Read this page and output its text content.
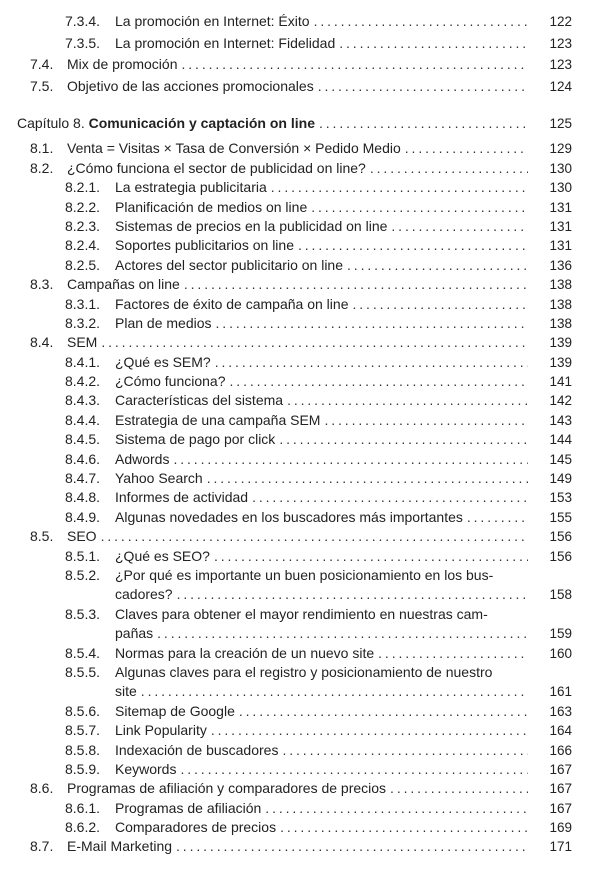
7.3.4.	La promoción en Internet: Éxito . . .	122
7.3.5.	La promoción en Internet: Fidelidad . . .	123
7.4. Mix de promoción . . .	123
7.5. Objetivo de las acciones promocionales . . .	124
Capítulo 8.
Comunicación y captación on line . . .	125
8.1. Venta = Visitas × Tasa de Conversión × Pedido Medio . . .	129
8.2. ¿Cómo funciona el sector de publicidad on line? . . .	130
8.2.1.	La estrategia publicitaria . . .	130
8.2.2.	Planificación de medios on line . . .	131
8.2.3.	Sistemas de precios en la publicidad on line . . .	131
8.2.4.	Soportes publicitarios on line . . .	131
8.2.5.	Actores del sector publicitario on line . . .	136
8.3. Campañas on line . . .	138
8.3.1.	Factores de éxito de campaña on line . . .	138
8.3.2.	Plan de medios . . .	138
8.4. SEM . . .	139
8.4.1.	¿Qué es SEM? . . .	139
8.4.2.	¿Cómo funciona? . . .	141
8.4.3.	Características del sistema . . .	142
8.4.4.	Estrategia de una campaña SEM . . .	143
8.4.5.	Sistema de pago por click . . .	144
8.4.6.	Adwords . . .	145
8.4.7.	Yahoo Search . . .	149
8.4.8.	Informes de actividad . . .	153
8.4.9.	Algunas novedades en los buscadores más importantes . . .	155
8.5. SEO . . .	156
8.5.1.	¿Qué es SEO? . . .	156
8.5.2.	¿Por qué es importante un buen posicionamiento en los bus-
cadores? . . .	158
8.5.3.	Claves para obtener el mayor rendimiento en nuestras cam-
pañas . . .	159
8.5.4.	Normas para la creación de un nuevo site . . .	160
8.5.5.	Algunas claves para el registro y posicionamiento de nuestro
site . . .	161
8.5.6.	Sitemap de Google . . .	163
8.5.7.	Link Popularity . . .	164
8.5.8.	Indexación de buscadores . . .	166
8.5.9.	Keywords . . .	167
8.6. Programas de afiliación y comparadores de precios . . .	167
8.6.1.	Programas de afiliación . . .	167
8.6.2.	Comparadores de precios . . .	169
8.7. E-Mail Marketing . . .	171
